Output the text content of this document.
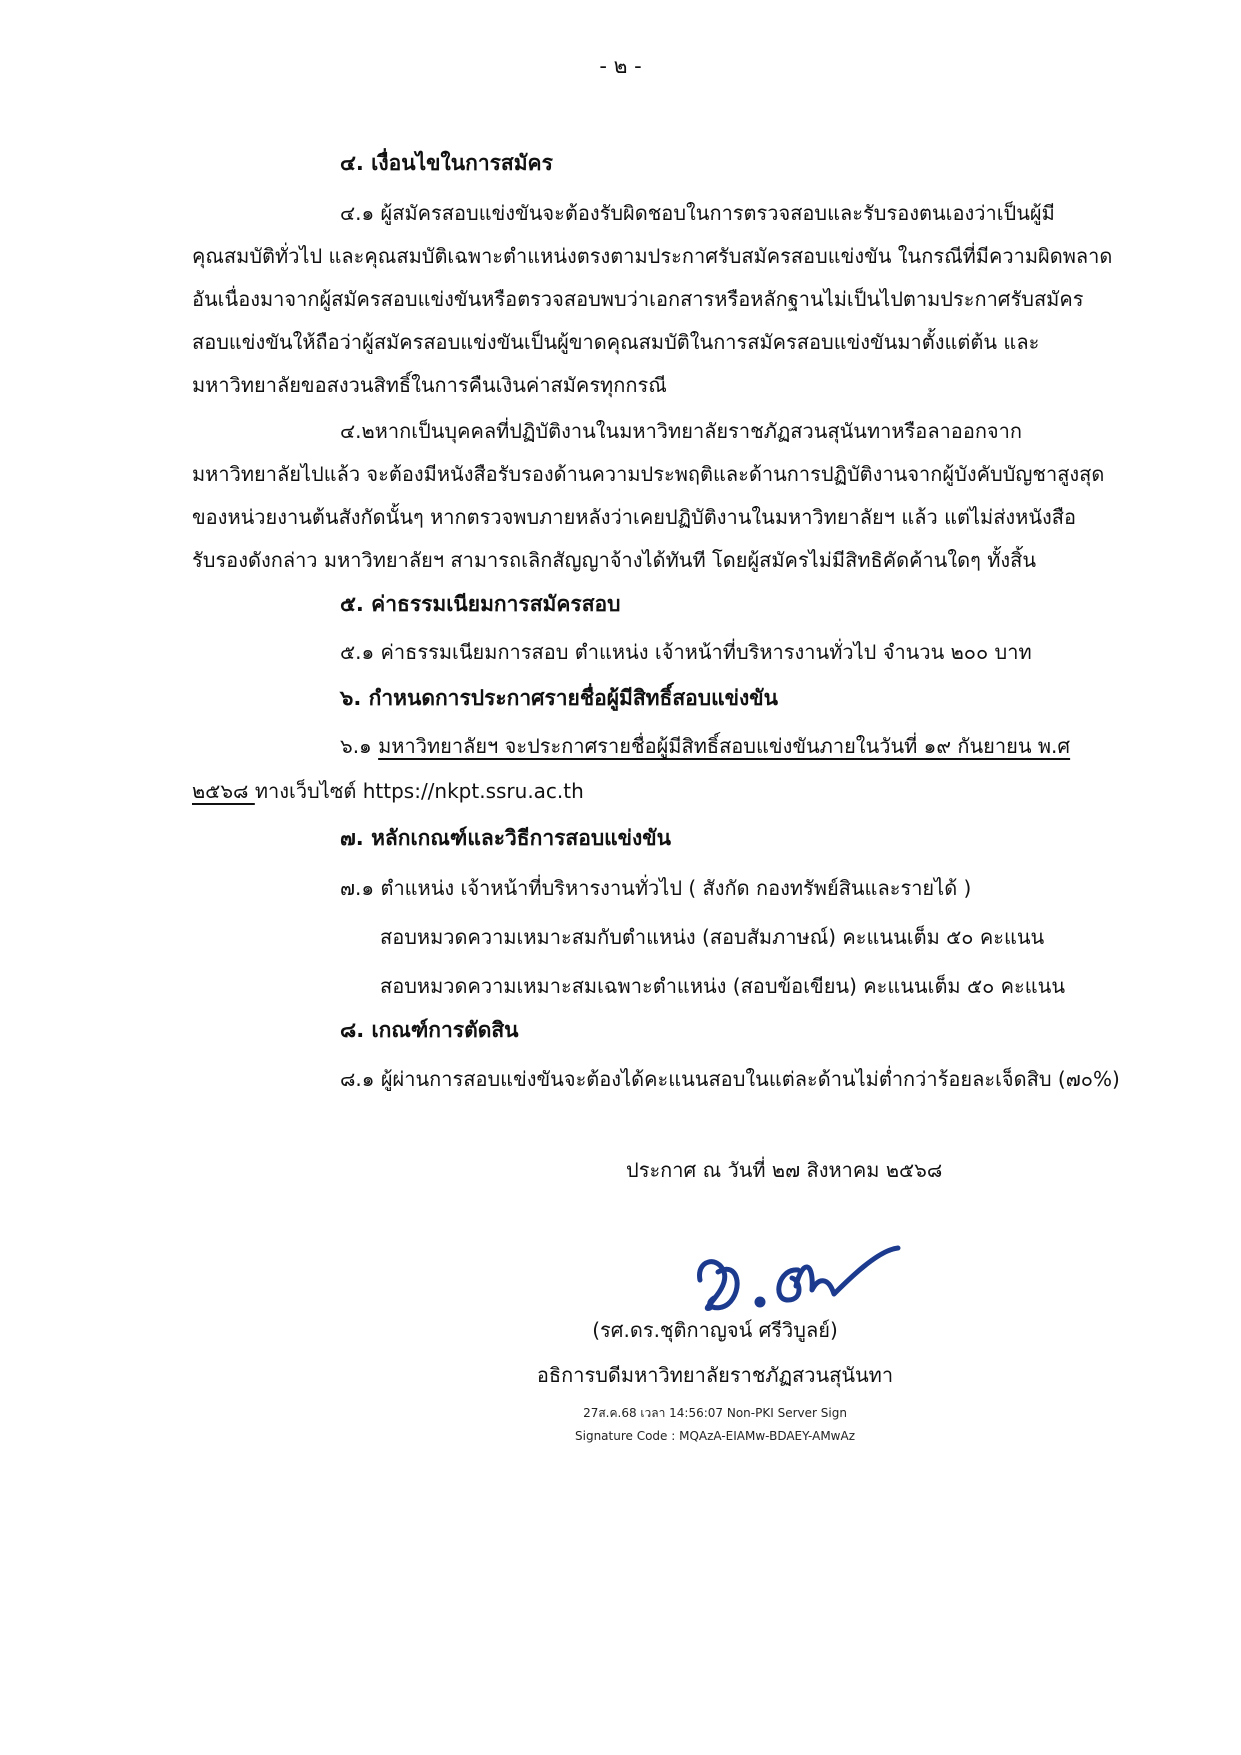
- ๒ -
๔. เงื่อนไขในการสมัคร
๔.๑ ผู้สมัครสอบแข่งขันจะต้องรับผิดชอบในการตรวจสอบและรับรองตนเองว่าเป็นผู้มี
คุณสมบัติทั่วไป และคุณสมบัติเฉพาะตำแหน่งตรงตามประกาศรับสมัครสอบแข่งขัน ในกรณีที่มีความผิดพลาด
อันเนื่องมาจากผู้สมัครสอบแข่งขันหรือตรวจสอบพบว่าเอกสารหรือหลักฐานไม่เป็นไปตามประกาศรับสมัคร
สอบแข่งขันให้ถือว่าผู้สมัครสอบแข่งขันเป็นผู้ขาดคุณสมบัติในการสมัครสอบแข่งขันมาตั้งแต่ต้น และ
มหาวิทยาลัยขอสงวนสิทธิ์ในการคืนเงินค่าสมัครทุกกรณี
๔.๒หากเป็นบุคคลที่ปฏิบัติงานในมหาวิทยาลัยราชภัฏสวนสุนันทาหรือลาออกจาก
มหาวิทยาลัยไปแล้ว จะต้องมีหนังสือรับรองด้านความประพฤติและด้านการปฏิบัติงานจากผู้บังคับบัญชาสูงสุด
ของหน่วยงานต้นสังกัดนั้นๆ หากตรวจพบภายหลังว่าเคยปฏิบัติงานในมหาวิทยาลัยฯ แล้ว แต่ไม่ส่งหนังสือ
รับรองดังกล่าว มหาวิทยาลัยฯ สามารถเลิกสัญญาจ้างได้ทันที โดยผู้สมัครไม่มีสิทธิคัดค้านใดๆ ทั้งสิ้น
๕. ค่าธรรมเนียมการสมัครสอบ
๕.๑ ค่าธรรมเนียมการสอบ ตำแหน่ง เจ้าหน้าที่บริหารงานทั่วไป จำนวน ๒๐๐ บาท
๖. กำหนดการประกาศรายชื่อผู้มีสิทธิ์สอบแข่งขัน
๖.๑ มหาวิทยาลัยฯ จะประกาศรายชื่อผู้มีสิทธิ์สอบแข่งขันภายในวันที่ ๑๙ กันยายน พ.ศ
๒๕๖๘ ทางเว็บไซต์ https://nkpt.ssru.ac.th
๗. หลักเกณฑ์และวิธีการสอบแข่งขัน
๗.๑ ตำแหน่ง เจ้าหน้าที่บริหารงานทั่วไป ( สังกัด กองทรัพย์สินและรายได้ )
สอบหมวดความเหมาะสมกับตำแหน่ง (สอบสัมภาษณ์) คะแนนเต็ม ๕๐ คะแนน
สอบหมวดความเหมาะสมเฉพาะตำแหน่ง (สอบข้อเขียน) คะแนนเต็ม ๕๐ คะแนน
๘. เกณฑ์การตัดสิน
๘.๑ ผู้ผ่านการสอบแข่งขันจะต้องได้คะแนนสอบในแต่ละด้านไม่ต่ำกว่าร้อยละเจ็ดสิบ (๗๐%)
ประกาศ ณ วันที่ ๒๗ สิงหาคม ๒๕๖๘
(รศ.ดร.ชุติกาญจน์ ศรีวิบูลย์)
อธิการบดีมหาวิทยาลัยราชภัฏสวนสุนันทา
27ส.ค.68 เวลา 14:56:07 Non-PKI Server Sign
Signature Code : MQAzA-EIAMw-BDAEY-AMwAz
